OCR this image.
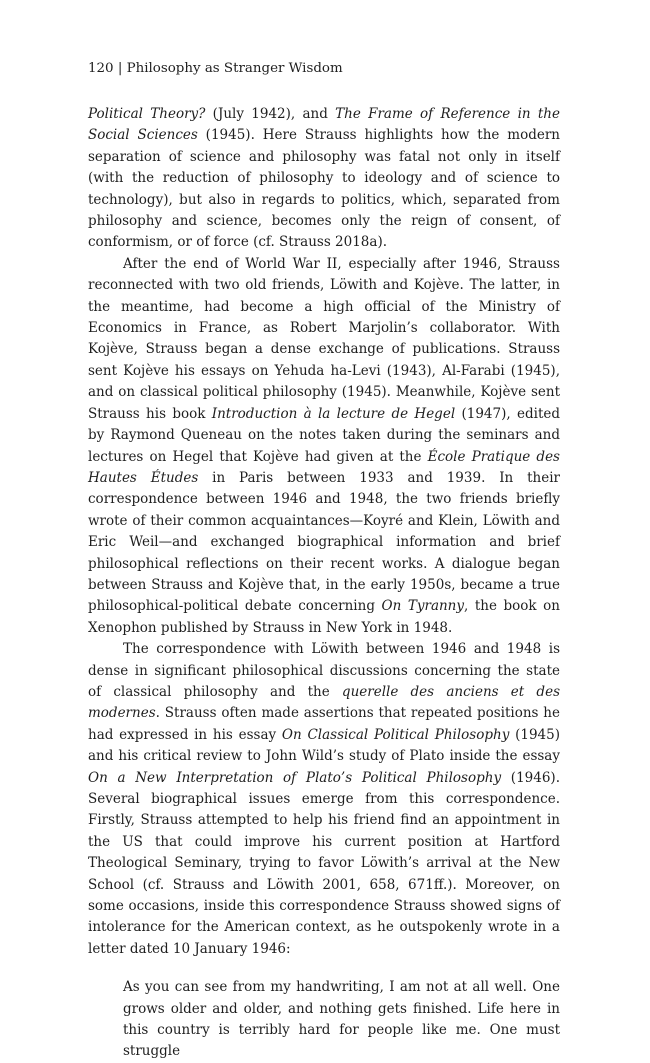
120 | Philosophy as Stranger Wisdom

Political Theory? (July 1942), and The Frame of Reference in the Social Sciences (1945). Here Strauss highlights how the modern separation of science and philosophy was fatal not only in itself (with the reduction of philosophy to ideology and of science to technology), but also in regards to politics, which, separated from philosophy and science, becomes only the reign of consent, of conformism, or of force (cf. Strauss 2018a).

After the end of World War II, especially after 1946, Strauss reconnected with two old friends, Löwith and Kojève. The latter, in the meantime, had become a high official of the Ministry of Economics in France, as Robert Marjolin’s collaborator. With Kojève, Strauss began a dense exchange of publications. Strauss sent Kojève his essays on Yehuda ha-Levi (1943), Al-Farabi (1945), and on classical political philosophy (1945). Meanwhile, Kojève sent Strauss his book Introduction à la lecture de Hegel (1947), edited by Raymond Queneau on the notes taken during the seminars and lectures on Hegel that Kojève had given at the École Pratique des Hautes Études in Paris between 1933 and 1939. In their correspondence between 1946 and 1948, the two friends briefly wrote of their common acquaintances—Koyré and Klein, Löwith and Eric Weil—and exchanged biographical information and brief philosophical reflections on their recent works. A dialogue began between Strauss and Kojève that, in the early 1950s, became a true philosophical-political debate concerning On Tyranny, the book on Xenophon published by Strauss in New York in 1948.

The correspondence with Löwith between 1946 and 1948 is dense in significant philosophical discussions concerning the state of classical philosophy and the querelle des anciens et des modernes. Strauss often made assertions that repeated positions he had expressed in his essay On Classical Political Philosophy (1945) and his critical review to John Wild’s study of Plato inside the essay On a New Interpretation of Plato’s Political Philosophy (1946). Several biographical issues emerge from this correspondence. Firstly, Strauss attempted to help his friend find an appointment in the US that could improve his current position at Hartford Theological Seminary, trying to favor Löwith’s arrival at the New School (cf. Strauss and Löwith 2001, 658, 671ff.). Moreover, on some occasions, inside this correspondence Strauss showed signs of intolerance for the American context, as he outspokenly wrote in a letter dated 10 January 1946:

As you can see from my handwriting, I am not at all well. One grows older and older, and nothing gets finished. Life here in this country is terribly hard for people like me. One must struggle
